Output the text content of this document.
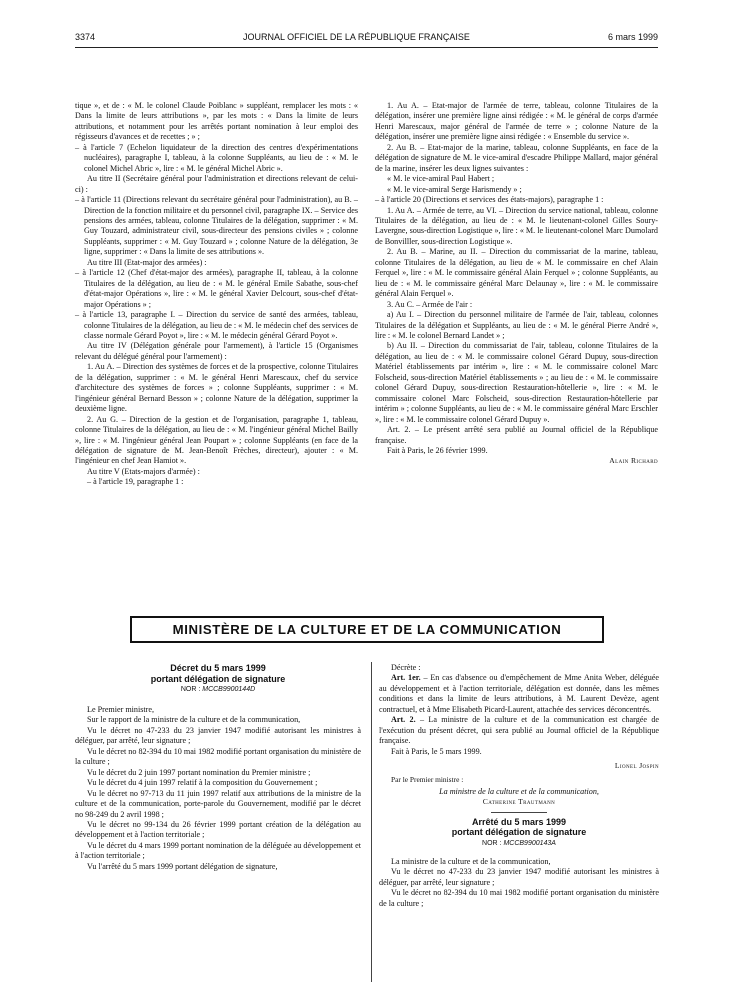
3374	JOURNAL OFFICIEL DE LA RÉPUBLIQUE FRANÇAISE	6 mars 1999

tique », et de : « M. le colonel Claude Poiblanc » suppléant, remplacer les mots : « Dans la limite de leurs attributions », par les mots : « Dans la limite de leurs attributions, et notamment pour les arrêtés portant nomination à leur emploi des régisseurs d'avances et de recettes ; » ;

– à l'article 7 (Echelon liquidateur de la direction des centres d'expérimentations nucléaires), paragraphe I, tableau, à la colonne Suppléants, au lieu de : « M. le colonel Michel Abric », lire : « M. le général Michel Abric ».

Au titre II (Secrétaire général pour l'administration et directions relevant de celui-ci) :

– à l'article 11 (Directions relevant du secrétaire général pour l'administration), au B. – Direction de la fonction militaire et du personnel civil, paragraphe IX. – Service des pensions des armées, tableau, colonne Titulaires de la délégation, supprimer : « M. Guy Touzard, administrateur civil, sous-directeur des pensions civiles » ; colonne Suppléants, supprimer : « M. Guy Touzard » ; colonne Nature de la délégation, 3e ligne, supprimer : « Dans la limite de ses attributions ».

Au titre III (Etat-major des armées) :

– à l'article 12 (Chef d'état-major des armées), paragraphe II, tableau, à la colonne Titulaires de la délégation, au lieu de : « M. le général Emile Sabathe, sous-chef d'état-major Opérations », lire : « M. le général Xavier Delcourt, sous-chef d'état-major Opérations » ;

– à l'article 13, paragraphe I. – Direction du service de santé des armées, tableau, colonne Titulaires de la délégation, au lieu de : « M. le médecin chef des services de classe normale Gérard Poyot », lire : « M. le médecin général Gérard Poyot ».

Au titre IV (Délégation générale pour l'armement), à l'article 15 (Organismes relevant du délégué général pour l'armement) :

1. Au A. – Direction des systèmes de forces et de la prospective, colonne Titulaires de la délégation, supprimer : « M. le général Henri Marescaux, chef du service d'architecture des systèmes de forces » ; colonne Suppléants, supprimer : « M. l'ingénieur général Bernard Besson » ; colonne Nature de la délégation, supprimer la deuxième ligne.

2. Au G. – Direction de la gestion et de l'organisation, paragraphe 1, tableau, colonne Titulaires de la délégation, au lieu de : « M. l'ingénieur général Michel Bailly », lire : « M. l'ingénieur général Jean Poupart » ; colonne Suppléants (en face de la délégation de signature de M. Jean-Benoît Frèches, directeur), ajouter : « M. l'ingénieur en chef Jean Hamiot ».

Au titre V (Etats-majors d'armée) :

– à l'article 19, paragraphe 1 :

1. Au A. – Etat-major de l'armée de terre, tableau, colonne Titulaires de la délégation, insérer une première ligne ainsi rédigée : « M. le général de corps d'armée Henri Marescaux, major général de l'armée de terre » ; colonne Nature de la délégation, insérer une première ligne ainsi rédigée : « Ensemble du service ».

2. Au B. – Etat-major de la marine, tableau, colonne Suppléants, en face de la délégation de signature de M. le vice-amiral d'escadre Philippe Mallard, major général de la marine, insérer les deux lignes suivantes :

« M. le vice-amiral Paul Habert ;

« M. le vice-amiral Serge Harismendy » ;

– à l'article 20 (Directions et services des états-majors), paragraphe 1 :

1. Au A. – Armée de terre, au VI. – Direction du service national, tableau, colonne Titulaires de la délégation, au lieu de : « M. le lieutenant-colonel Gilles Soury-Lavergne, sous-direction Logistique », lire : « M. le lieutenant-colonel Marc Dumolard de Bonvilller, sous-direction Logistique ».

2. Au B. – Marine, au II. – Direction du commissariat de la marine, tableau, colonne Titulaires de la délégation, au lieu de « M. le commissaire en chef Alain Ferquel », lire : « M. le commissaire général Alain Ferquel » ; colonne Suppléants, au lieu de : « M. le commissaire général Marc Delaunay », lire : « M. le commissaire général Alain Ferquel ».

3. Au C. – Armée de l'air :

a) Au I. – Direction du personnel militaire de l'armée de l'air, tableau, colonnes Titulaires de la délégation et Suppléants, au lieu de : « M. le général Pierre André », lire : « M. le colonel Bernard Landet » ;

b) Au II. – Direction du commissariat de l'air, tableau, colonne Titulaires de la délégation, au lieu de : « M. le commissaire colonel Gérard Dupuy, sous-direction Matériel établissements par intérim », lire : « M. le commissaire colonel Marc Folscheid, sous-direction Matériel établissements » ; au lieu de : « M. le commissaire colonel Gérard Dupuy, sous-direction Restauration-hôtellerie », lire : « M. le commissaire colonel Marc Folscheid, sous-direction Restauration-hôtellerie par intérim » ; colonne Suppléants, au lieu de : « M. le commissaire général Marc Erschler », lire : « M. le commissaire colonel Gérard Dupuy ».

Art. 2. – Le présent arrêté sera publié au Journal officiel de la République française.

Fait à Paris, le 26 février 1999.

Alain Richard

MINISTÈRE DE LA CULTURE ET DE LA COMMUNICATION
Décret du 5 mars 1999
portant délégation de signature
NOR : MCCB9900144D

Le Premier ministre,

Sur le rapport de la ministre de la culture et de la communication,

Vu le décret no 47-233 du 23 janvier 1947 modifié autorisant les ministres à déléguer, par arrêté, leur signature ;

Vu le décret no 82-394 du 10 mai 1982 modifié portant organisation du ministère de la culture ;

Vu le décret du 2 juin 1997 portant nomination du Premier ministre ;

Vu le décret du 4 juin 1997 relatif à la composition du Gouvernement ;

Vu le décret no 97-713 du 11 juin 1997 relatif aux attributions de la ministre de la culture et de la communication, porte-parole du Gouvernement, modifié par le décret no 98-249 du 2 avril 1998 ;

Vu le décret no 99-134 du 26 février 1999 portant création de la délégation au développement et à l'action territoriale ;

Vu le décret du 4 mars 1999 portant nomination de la déléguée au développement et à l'action territoriale ;

Vu l'arrêté du 5 mars 1999 portant délégation de signature,

Décrète :

Art. 1er. – En cas d'absence ou d'empêchement de Mme Anita Weber, déléguée au développement et à l'action territoriale, délégation est donnée, dans les mêmes conditions et dans la limite de leurs attributions, à M. Laurent Devèze, agent contractuel, et à Mme Elisabeth Picard-Laurent, attachée des services déconcentrés.

Art. 2. – La ministre de la culture et de la communication est chargée de l'exécution du présent décret, qui sera publié au Journal officiel de la République française.

Fait à Paris, le 5 mars 1999.

Lionel Jospin

Par le Premier ministre :

La ministre de la culture et de la communication,

Catherine Trautmann

Arrêté du 5 mars 1999
portant délégation de signature
NOR : MCCB9900143A

La ministre de la culture et de la communication,

Vu le décret no 47-233 du 23 janvier 1947 modifié autorisant les ministres à déléguer, par arrêté, leur signature ;

Vu le décret no 82-394 du 10 mai 1982 modifié portant organisation du ministère de la culture ;
